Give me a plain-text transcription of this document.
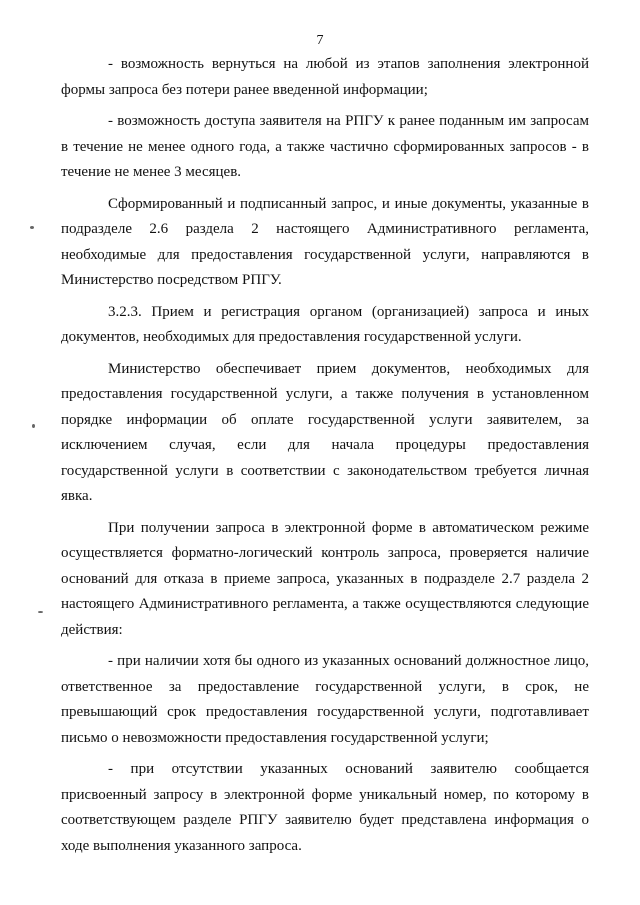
7

- возможность вернуться на любой из этапов заполнения электронной формы запроса без потери ранее введенной информации;

- возможность доступа заявителя на РПГУ к ранее поданным им запросам в течение не менее одного года, а также частично сформированных запросов - в течение не менее 3 месяцев.

Сформированный и подписанный запрос, и иные документы, указанные в подразделе 2.6 раздела 2 настоящего Административного регламента, необходимые для предоставления государственной услуги, направляются в Министерство посредством РПГУ.

3.2.3. Прием и регистрация органом (организацией) запроса и иных документов, необходимых для предоставления государственной услуги.

Министерство обеспечивает прием документов, необходимых для предоставления государственной услуги, а также получения в установленном порядке информации об оплате государственной услуги заявителем, за исключением случая, если для начала процедуры предоставления государственной услуги в соответствии с законодательством требуется личная явка.

При получении запроса в электронной форме в автоматическом режиме осуществляется форматно-логический контроль запроса, проверяется наличие оснований для отказа в приеме запроса, указанных в подразделе 2.7 раздела 2 настоящего Административного регламента, а также осуществляются следующие действия:

- при наличии хотя бы одного из указанных оснований должностное лицо, ответственное за предоставление государственной услуги, в срок, не превышающий срок предоставления государственной услуги, подготавливает письмо о невозможности предоставления государственной услуги;

- при отсутствии указанных оснований заявителю сообщается присвоенный запросу в электронной форме уникальный номер, по которому в соответствующем разделе РПГУ заявителю будет представлена информация о ходе выполнения указанного запроса.
